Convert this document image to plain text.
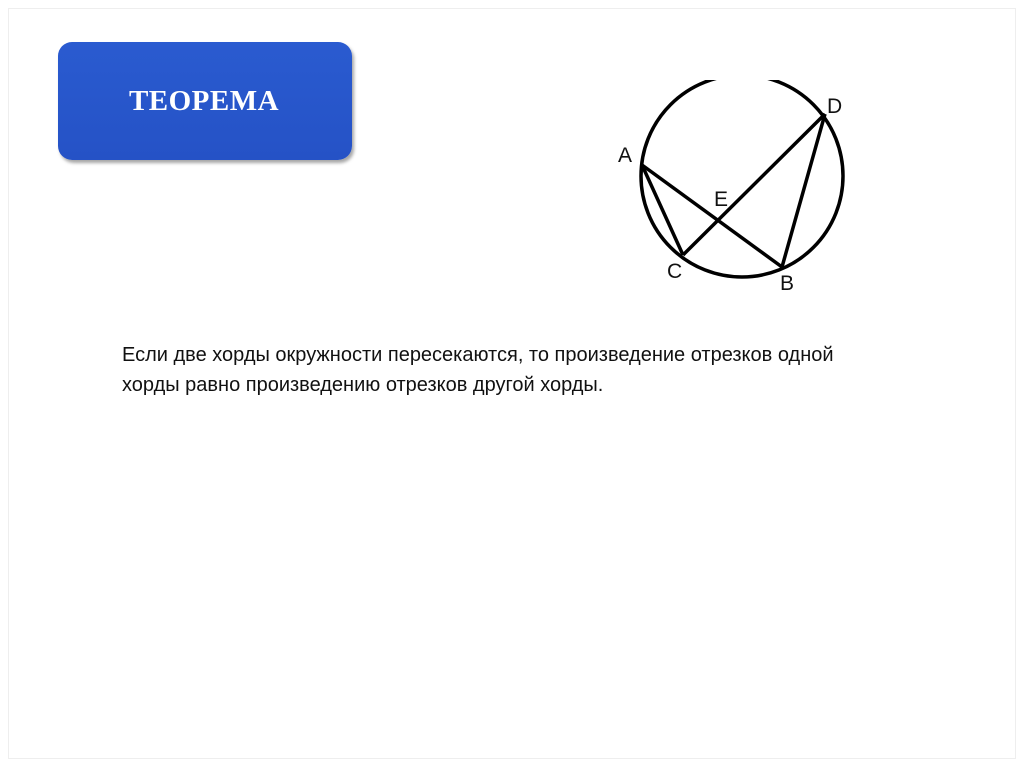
ТЕОРЕМА
A
D
E
C
B

Если две хорды окружности пересекаются, то произведение отрезков одной хорды равно произведению отрезков другой хорды.
